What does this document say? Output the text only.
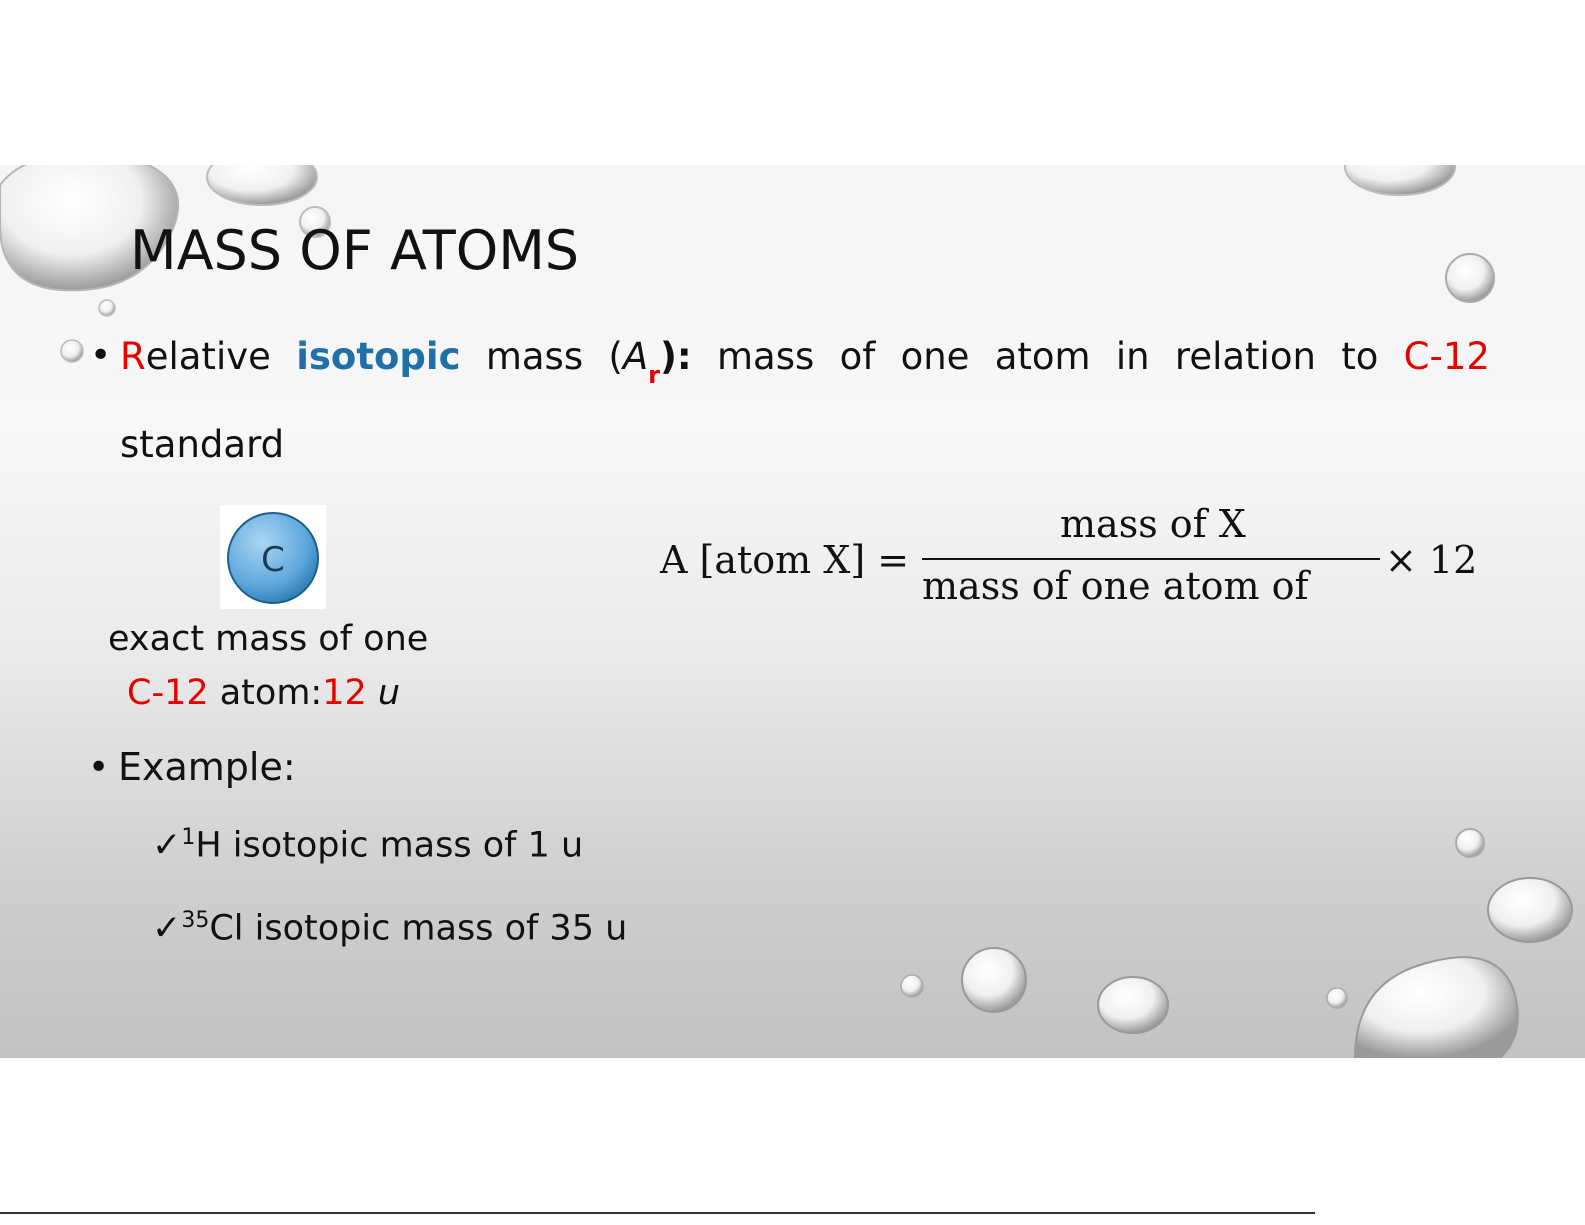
MASS OF ATOMS
• Relative isotopic mass (Ar): mass of one atom in relation to C-12
standard
C
exact mass of one
C-12 atom:12 u
• Example:
✓$^1$H isotopic mass of 1 u
✓$^{35}$Cl isotopic mass of 35 u
A [atom X] =
mass of X
mass of one atom of
× 12
